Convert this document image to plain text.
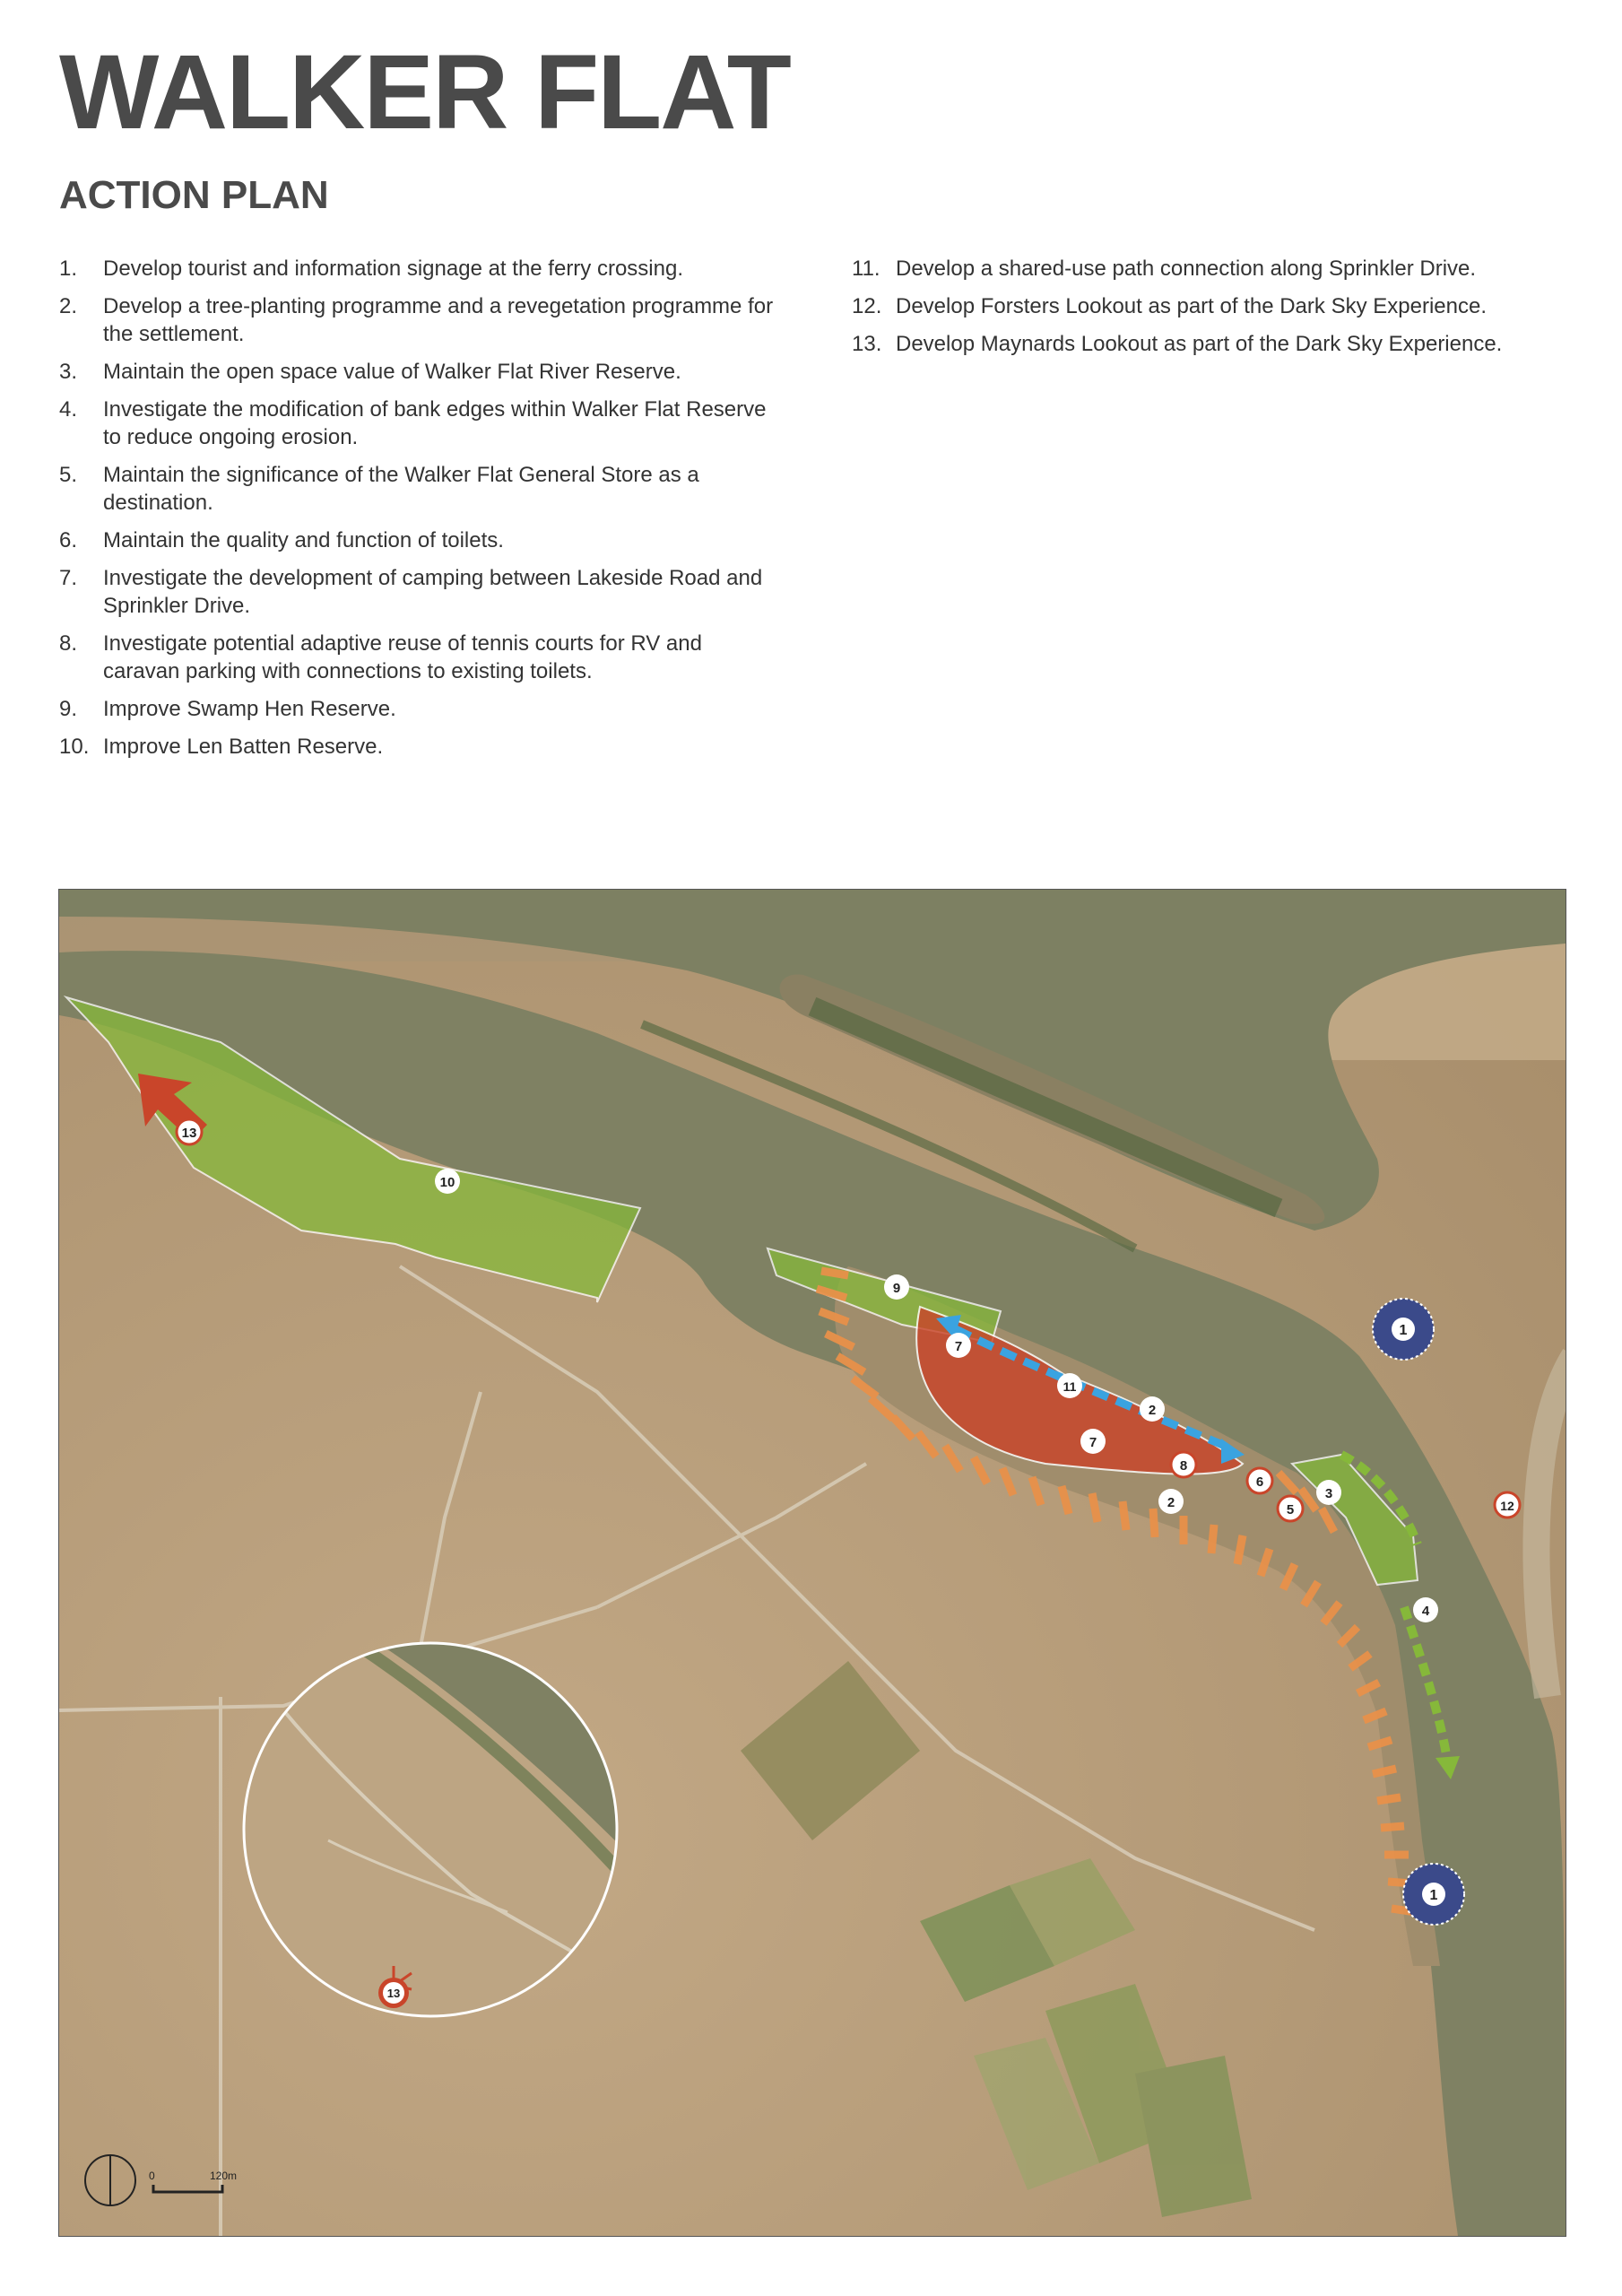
WALKER FLAT
ACTION PLAN
1. Develop tourist and information signage at the ferry crossing.
2. Develop a tree-planting programme and a revegetation programme for the settlement.
3. Maintain the open space value of Walker Flat River Reserve.
4. Investigate the modification of bank edges within Walker Flat Reserve to reduce ongoing erosion.
5. Maintain the significance of the Walker Flat General Store as a destination.
6. Maintain the quality and function of toilets.
7. Investigate the development of camping between Lakeside Road and Sprinkler Drive.
8. Investigate potential adaptive reuse of tennis courts for RV and caravan parking with connections to existing toilets.
9. Improve Swamp Hen Reserve.
10. Improve Len Batten Reserve.
11. Develop a shared-use path connection along Sprinkler Drive.
12. Develop Forsters Lookout as part of the Dark Sky Experience.
13. Develop Maynards Lookout as part of the Dark Sky Experience.
1
1
13
10
9
7
11
2
7
8
6
2	5
3
12
4
13
0	120m
